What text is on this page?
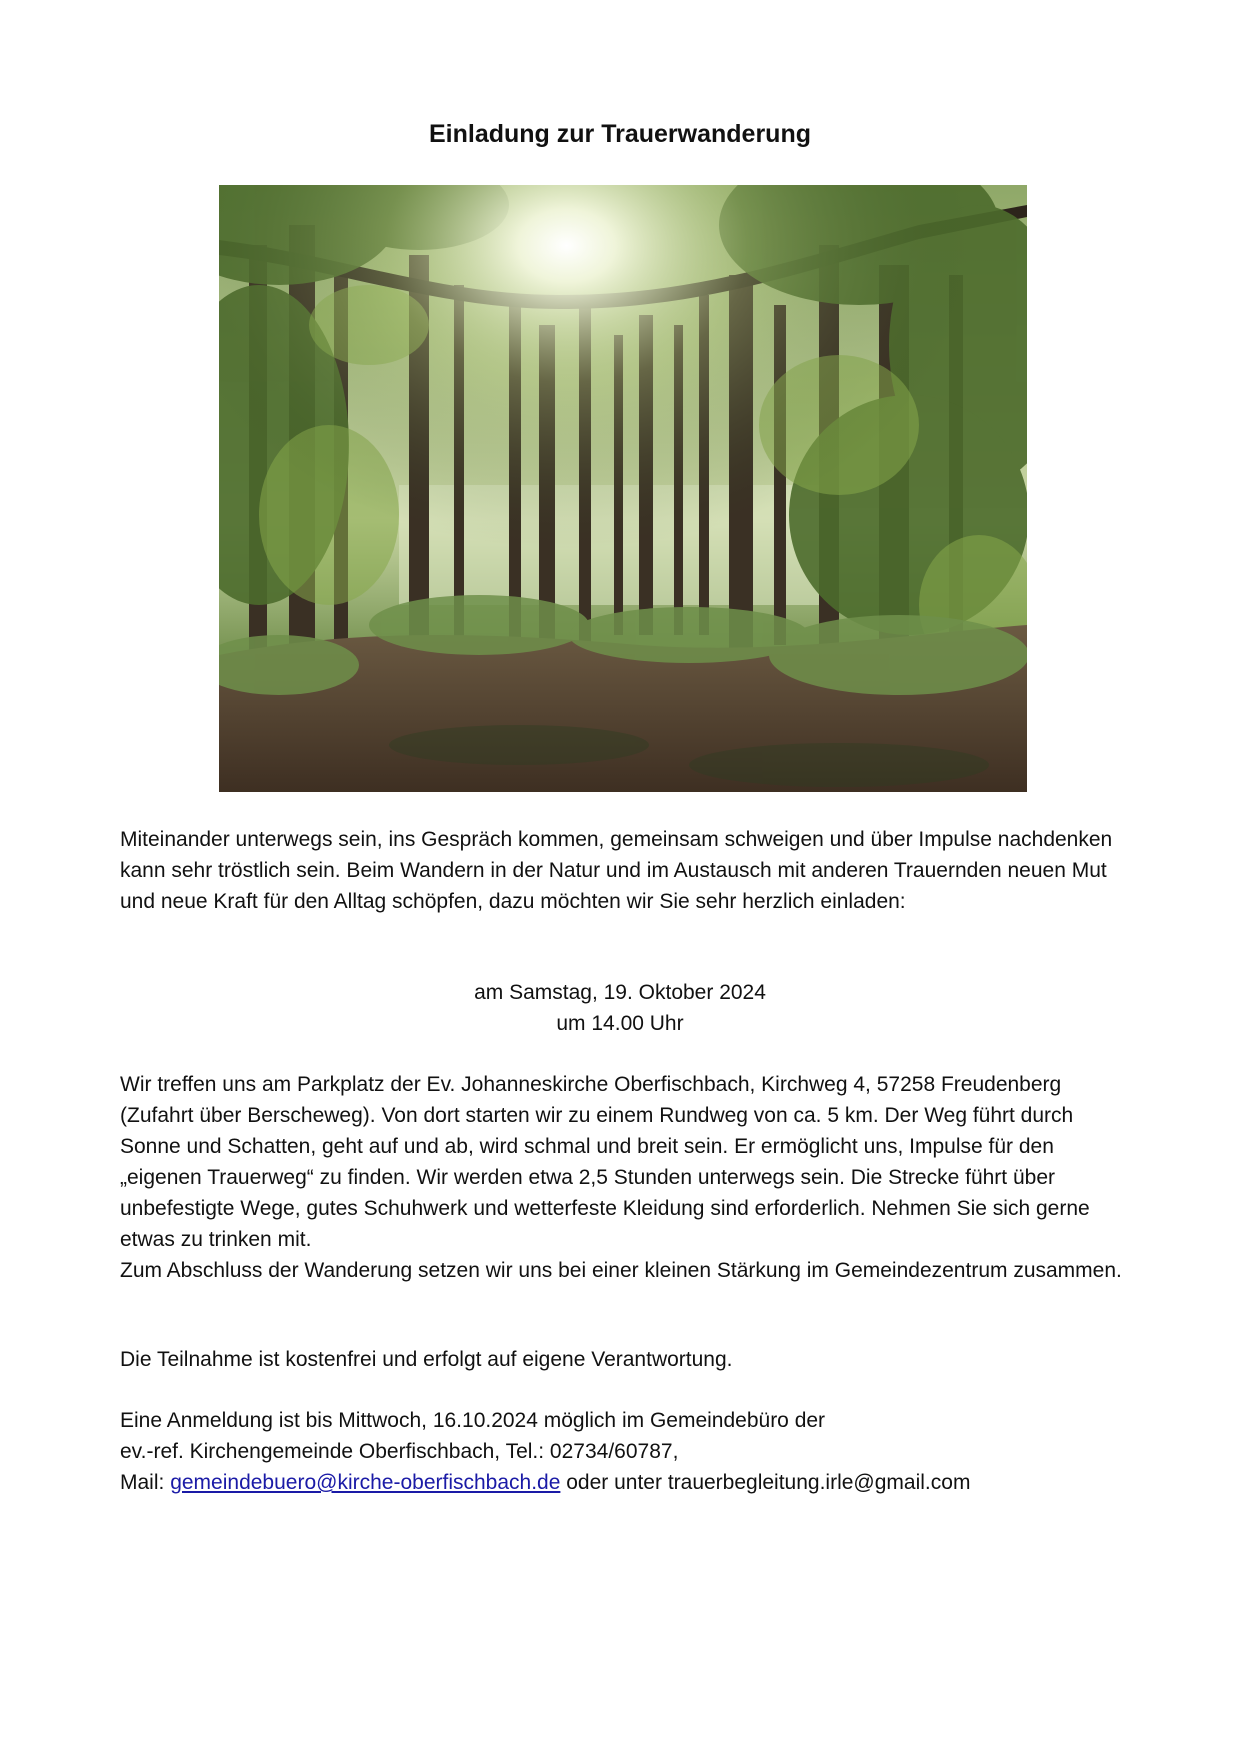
Einladung zur Trauerwanderung

Miteinander unterwegs sein, ins Gespräch kommen, gemeinsam schweigen und über Impulse nachdenken kann sehr tröstlich sein. Beim Wandern in der Natur und im Austausch mit anderen Trauernden neuen Mut und neue Kraft für den Alltag schöpfen, dazu möchten wir Sie sehr herzlich einladen:

am Samstag, 19. Oktober 2024
um 14.00 Uhr
Wir treffen uns am Parkplatz der Ev. Johanneskirche Oberfischbach, Kirchweg 4, 57258 Freudenberg (Zufahrt über Berscheweg). Von dort starten wir zu einem Rundweg von ca. 5 km. Der Weg führt durch Sonne und Schatten, geht auf und ab, wird schmal und breit sein. Er ermöglicht uns, Impulse für den „eigenen Trauerweg“ zu finden. Wir werden etwa 2,5 Stunden unterwegs sein. Die Strecke führt über unbefestigte Wege, gutes Schuhwerk und wetterfeste Kleidung sind erforderlich. Nehmen Sie sich gerne etwas zu trinken mit.
Zum Abschluss der Wanderung setzen wir uns bei einer kleinen Stärkung im Gemeindezentrum zusammen.

Die Teilnahme ist kostenfrei und erfolgt auf eigene Verantwortung.

Eine Anmeldung ist bis Mittwoch, 16.10.2024 möglich im Gemeindebüro der
ev.-ref. Kirchengemeinde Oberfischbach, Tel.: 02734/60787,
Mail: gemeindebuero@kirche-oberfischbach.de oder unter trauerbegleitung.irle@gmail.com
